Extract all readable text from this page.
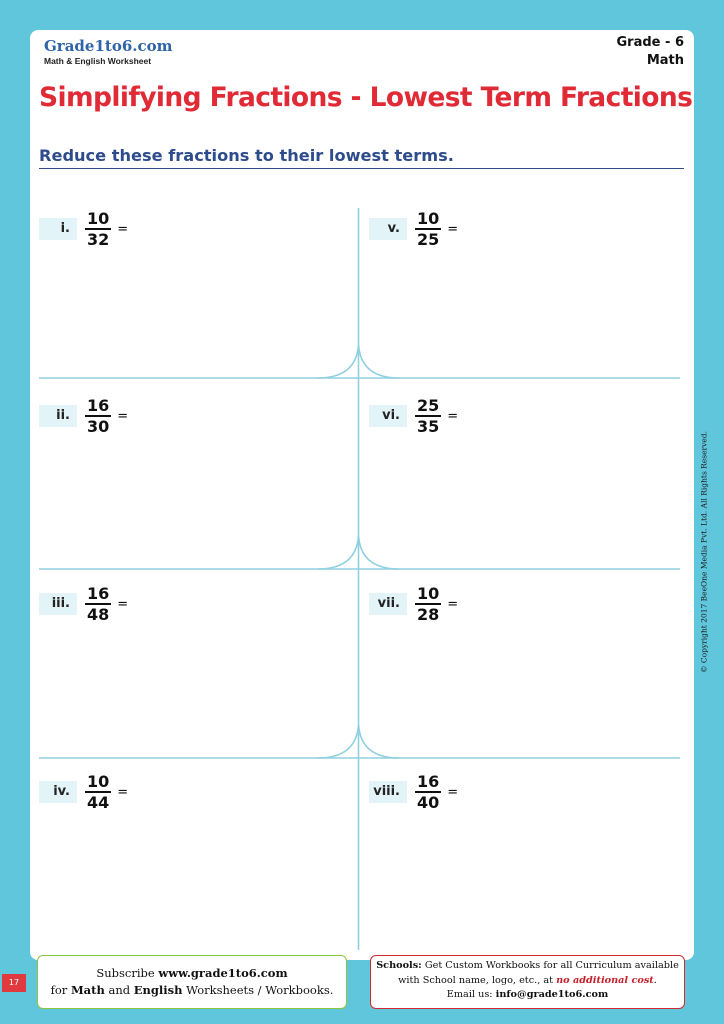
Grade1to6.com
Math & English Worksheet
Grade - 6
Math
Simplifying Fractions - Lowest Term Fractions
Reduce these fractions to their lowest terms.
i. $\frac{10}{32}$ =
ii. $\frac{16}{30}$ =
iii. $\frac{16}{48}$ =
iv. $\frac{10}{44}$ =
v. $\frac{10}{25}$ =
vi. $\frac{25}{35}$ =
vii. $\frac{10}{28}$ =
viii. $\frac{16}{40}$ =
© Copyright 2017 BeeOne Media Pvt. Ltd. All Rights Reserved.
17
Subscribe www.grade1to6.com
for Math and English Worksheets / Workbooks.
Schools: Get Custom Workbooks for all Curriculum available
with School name, logo, etc., at no additional cost.
Email us: info@grade1to6.com
